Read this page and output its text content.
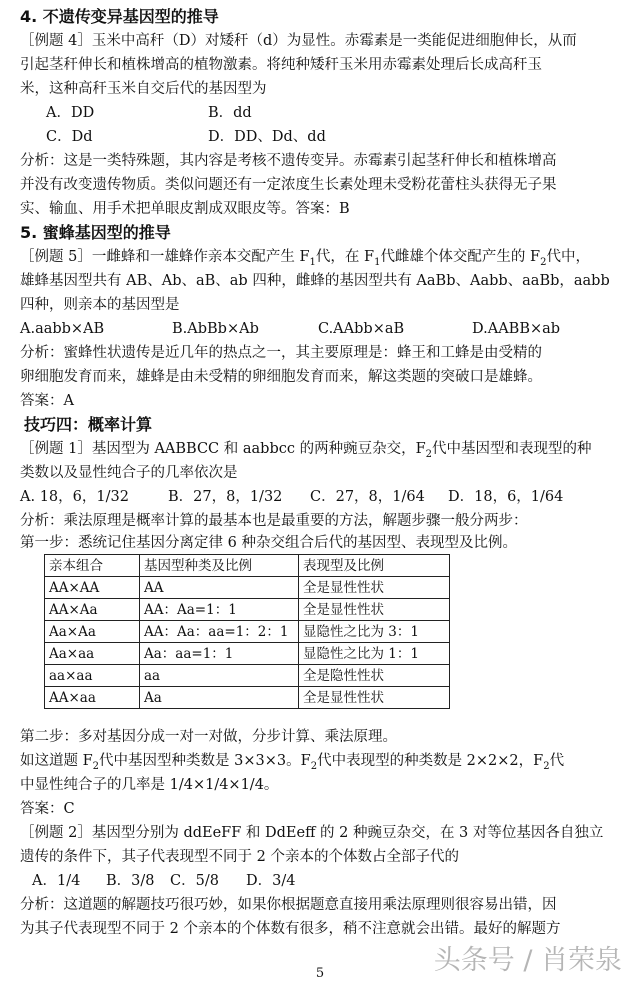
4. 不遗传变异基因型的推导
［例题 4］玉米中高秆（D）对矮秆（d）为显性。赤霉素是一类能促进细胞伸长，从而
引起茎秆伸长和植株增高的植物激素。将纯种矮秆玉米用赤霉素处理后长成高秆玉
米，这种高秆玉米自交后代的基因型为
A．DD	B．dd
C．Dd	D．DD、Dd、dd
分析：这是一类特殊题，其内容是考核不遗传变异。赤霉素引起茎秆伸长和植株增高
并没有改变遗传物质。类似问题还有一定浓度生长素处理未受粉花蕾柱头获得无子果
实、输血、用手术把单眼皮割成双眼皮等。答案：B
5. 蜜蜂基因型的推导
［例题 5］一雌蜂和一雄蜂作亲本交配产生 $F_1$代，在 $F_1$代雌雄个体交配产生的 $F_2$代中，
雄蜂基因型共有 AB、Ab、aB、ab 四种，雌蜂的基因型共有 AaBb、Aabb、aaBb，aabb
四种，则亲本的基因型是
A.aabb×AB	B.AbBb×Ab	C.AAbb×aB	D.AABB×ab
分析：蜜蜂性状遗传是近几年的热点之一，其主要原理是：蜂王和工蜂是由受精的
卵细胞发育而来，雄蜂是由未受精的卵细胞发育而来，解这类题的突破口是雄蜂。
答案：A
技巧四：概率计算
［例题 1］基因型为 AABBCC 和 aabbcc 的两种豌豆杂交，$F_2$代中基因型和表现型的种
类数以及显性纯合子的几率依次是
A. 18，6，1/32	B．27，8，1/32 C．27，8，1/64 D．18，6，1/64
分析：乘法原理是概率计算的最基本也是最重要的方法，解题步骤一般分两步：
第一步：悉统记住基因分离定律 6 种杂交组合后代的基因型、表现型及比例。
亲本组合	基因型种类及比例	表现型及比例
AA×AA	AA	全是显性性状
AA×Aa	AA：Aa=1：1	全是显性性状
Aa×Aa	AA：Aa：aa=1：2：1	显隐性之比为 3：1
Aa×aa	Aa：aa=1：1	显隐性之比为 1：1
aa×aa	aa	全是隐性性状
AA×aa	Aa	全是显性性状
第二步：多对基因分成一对一对做，分步计算、乘法原理。
如这道题 $F_2$代中基因型种类数是 3×3×3。$F_2$代中表现型的种类数是 2×2×2，$F_2$代
中显性纯合子的几率是 1/4×1/4×1/4。
答案：C
［例题 2］基因型分别为 ddEeFF 和 DdEeff 的 2 种豌豆杂交，在 3 对等位基因各自独立
遗传的条件下，其子代表现型不同于 2 个亲本的个体数占全部子代的
A．1/4 B．3/8 C．5/8 D．3/4
分析：这道题的解题技巧很巧妙，如果你根据题意直接用乘法原理则很容易出错，因
为其子代表现型不同于 2 个亲本的个体数有很多，稍不注意就会出错。最好的解题方
头条号 / 肖荣泉
5
